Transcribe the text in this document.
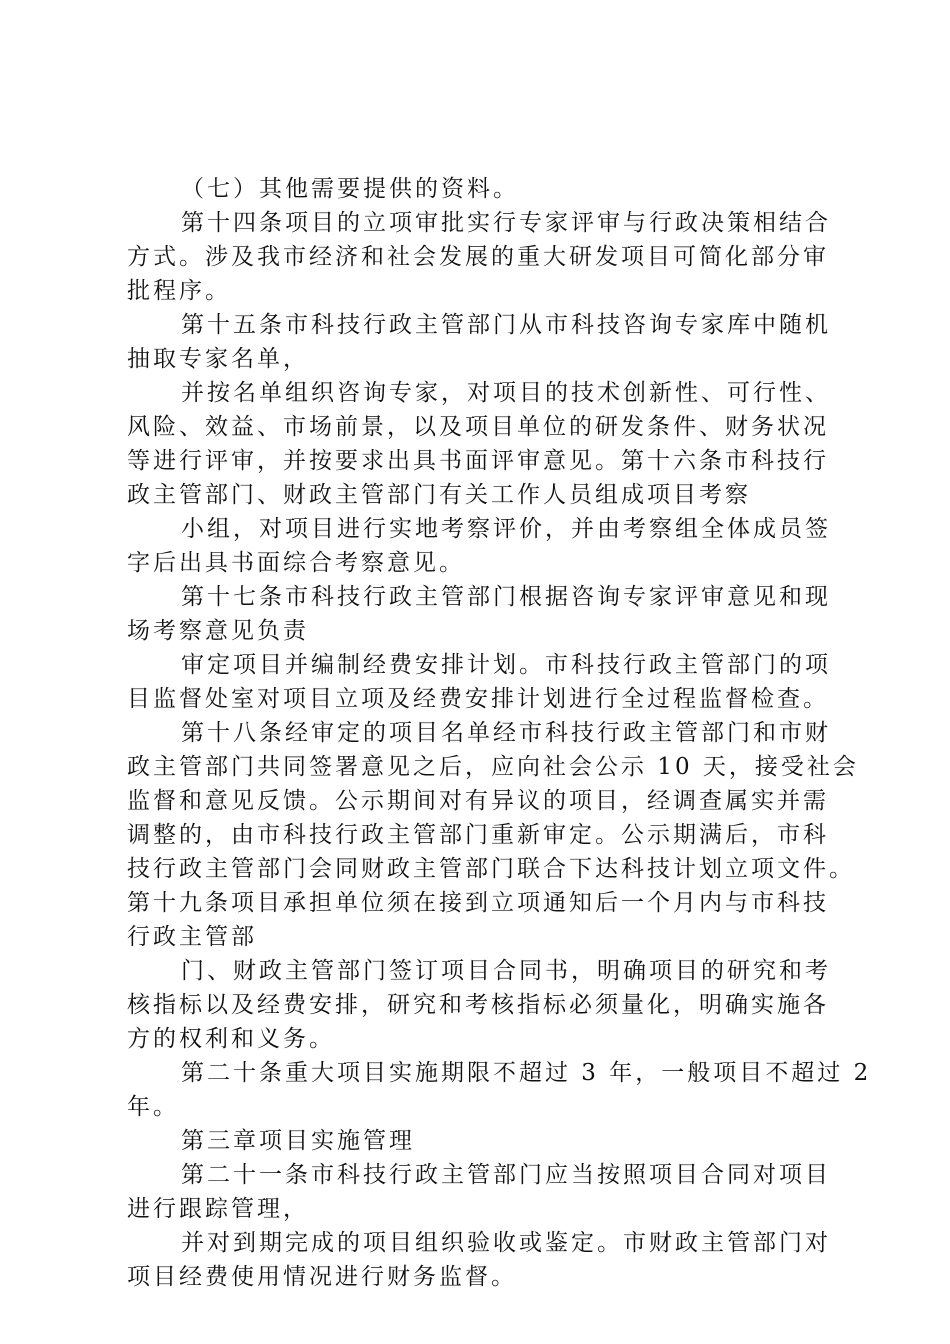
（七）其他需要提供的资料。
第十四条项目的立项审批实行专家评审与行政决策相结合
方式。涉及我市经济和社会发展的重大研发项目可简化部分审
批程序。
第十五条市科技行政主管部门从市科技咨询专家库中随机
抽取专家名单，
并按名单组织咨询专家，对项目的技术创新性、可行性、
风险、效益、市场前景，以及项目单位的研发条件、财务状况
等进行评审，并按要求出具书面评审意见。第十六条市科技行
政主管部门、财政主管部门有关工作人员组成项目考察
小组，对项目进行实地考察评价，并由考察组全体成员签
字后出具书面综合考察意见。
第十七条市科技行政主管部门根据咨询专家评审意见和现
场考察意见负责
审定项目并编制经费安排计划。市科技行政主管部门的项
目监督处室对项目立项及经费安排计划进行全过程监督检查。
第十八条经审定的项目名单经市科技行政主管部门和市财
政主管部门共同签署意见之后，应向社会公示 10 天，接受社会
监督和意见反馈。公示期间对有异议的项目，经调查属实并需
调整的，由市科技行政主管部门重新审定。公示期满后，市科
技行政主管部门会同财政主管部门联合下达科技计划立项文件。
第十九条项目承担单位须在接到立项通知后一个月内与市科技
行政主管部
门、财政主管部门签订项目合同书，明确项目的研究和考
核指标以及经费安排，研究和考核指标必须量化，明确实施各
方的权利和义务。
第二十条重大项目实施期限不超过 3 年，一般项目不超过 2
年。
第三章项目实施管理
第二十一条市科技行政主管部门应当按照项目合同对项目
进行跟踪管理，
并对到期完成的项目组织验收或鉴定。市财政主管部门对
项目经费使用情况进行财务监督。
